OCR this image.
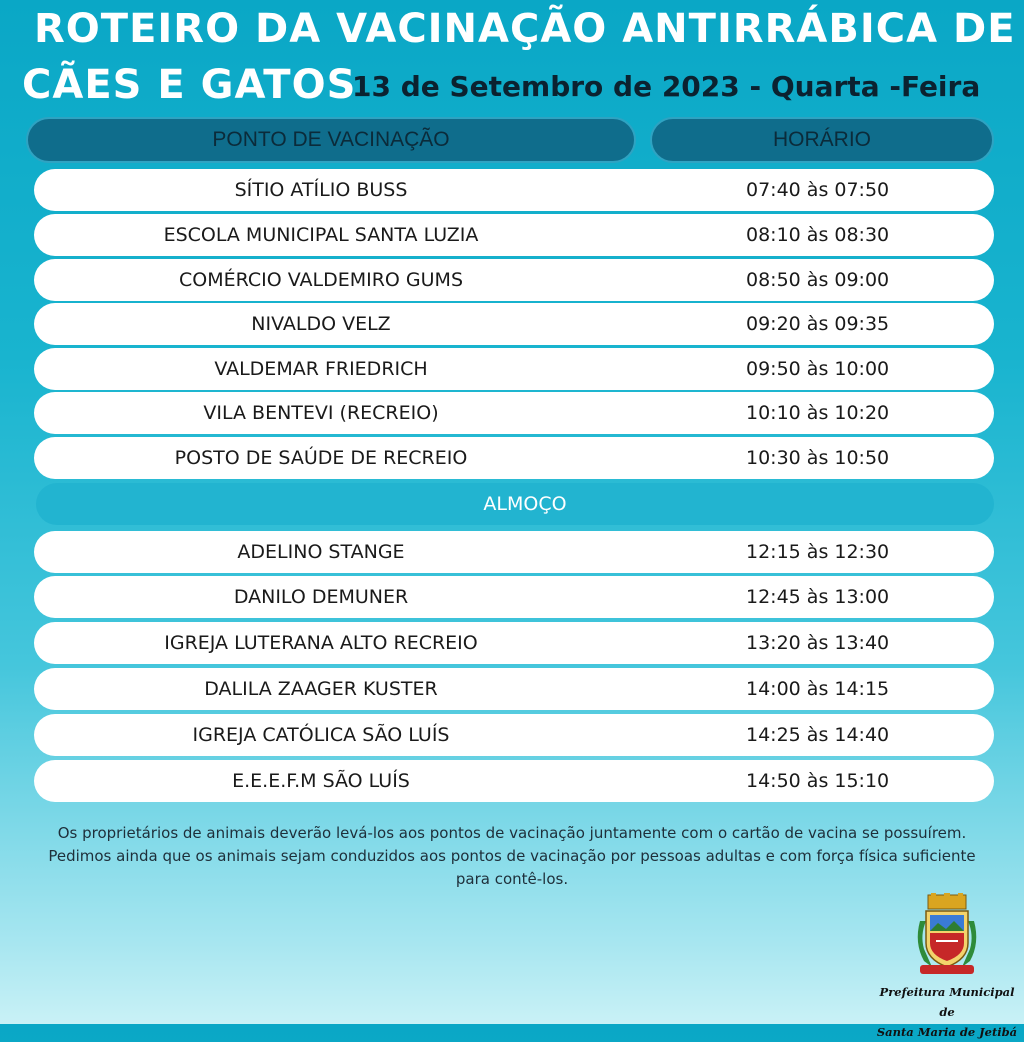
ROTEIRO DA VACINAÇÃO ANTIRRÁBICA DE
CÃES E GATOS
13 de Setembro de 2023 - Quarta -Feira
PONTO DE VACINAÇÃO	HORÁRIO
SÍTIO ATÍLIO BUSS	07:40 às 07:50
ESCOLA MUNICIPAL SANTA LUZIA	08:10 às 08:30
COMÉRCIO VALDEMIRO GUMS	08:50 às 09:00
NIVALDO VELZ	09:20 às 09:35
VALDEMAR FRIEDRICH	09:50 às 10:00
VILA BENTEVI (RECREIO)	10:10 às 10:20
POSTO DE SAÚDE DE RECREIO	10:30 às 10:50
ALMOÇO
ADELINO STANGE	12:15 às 12:30
DANILO DEMUNER	12:45 às 13:00
IGREJA LUTERANA ALTO RECREIO	13:20 às 13:40
DALILA ZAAGER KUSTER	14:00 às 14:15
IGREJA CATÓLICA SÃO LUÍS	14:25 às 14:40
E.E.E.F.M SÃO LUÍS	14:50 às 15:10
Os proprietários de animais deverão levá-los aos pontos de vacinação juntamente com o cartão de vacina se possuírem.
Pedimos ainda que os animais sejam conduzidos aos pontos de vacinação por pessoas adultas e com força física suficiente
para contê-los.
Prefeitura Municipal de
Santa Maria de Jetibá
